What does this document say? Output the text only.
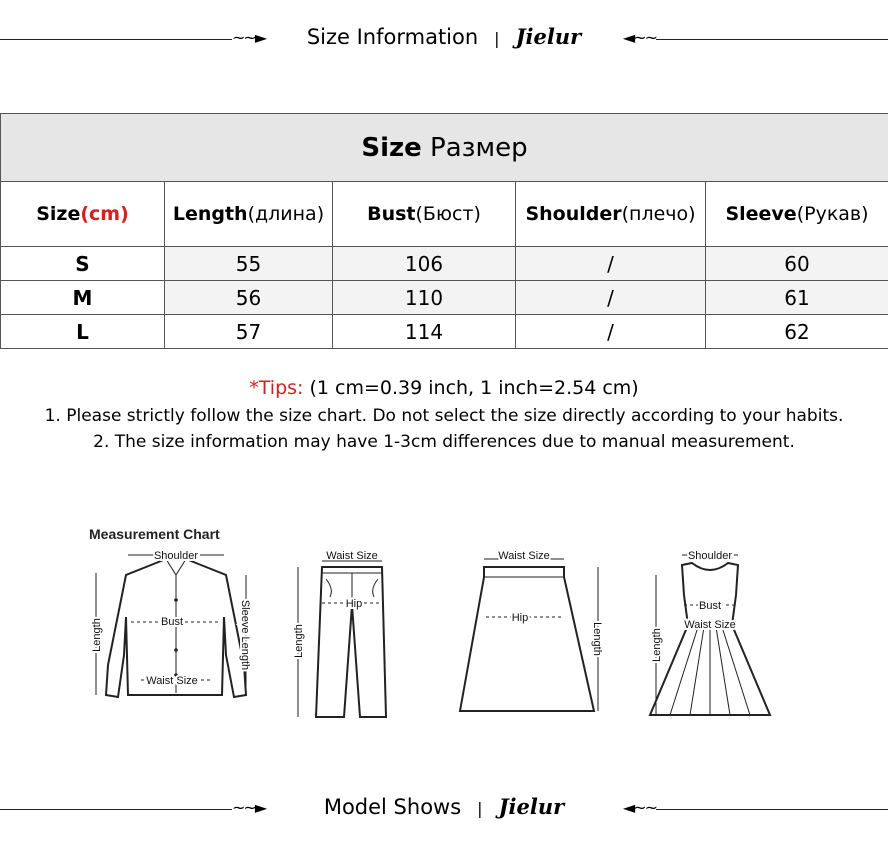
~~►	Size Information | Jielur	◄~~
Size Размер				
Size(cm)	Length(длина)	Bust(Бюст)	Shoulder(плечо)	Sleeve(Рукав)
S	55	106	/	60
M	56	110	/	61
L	57	114	/	62
*Tips: (1 cm=0.39 inch, 1 inch=2.54 cm)
1. Please strictly follow the size chart. Do not select the size directly according to your habits.
2. The size information may have 1-3cm differences due to manual measurement.
Measurement Chart
Shoulder
Bust
Waist Size
Length	Sleeve Length
Waist Size
Hip
Length
Waist Size
Hip
Length
Shoulder
Bust
Waist Size
Length
~~►	Model Shows | Jielur	◄~~
